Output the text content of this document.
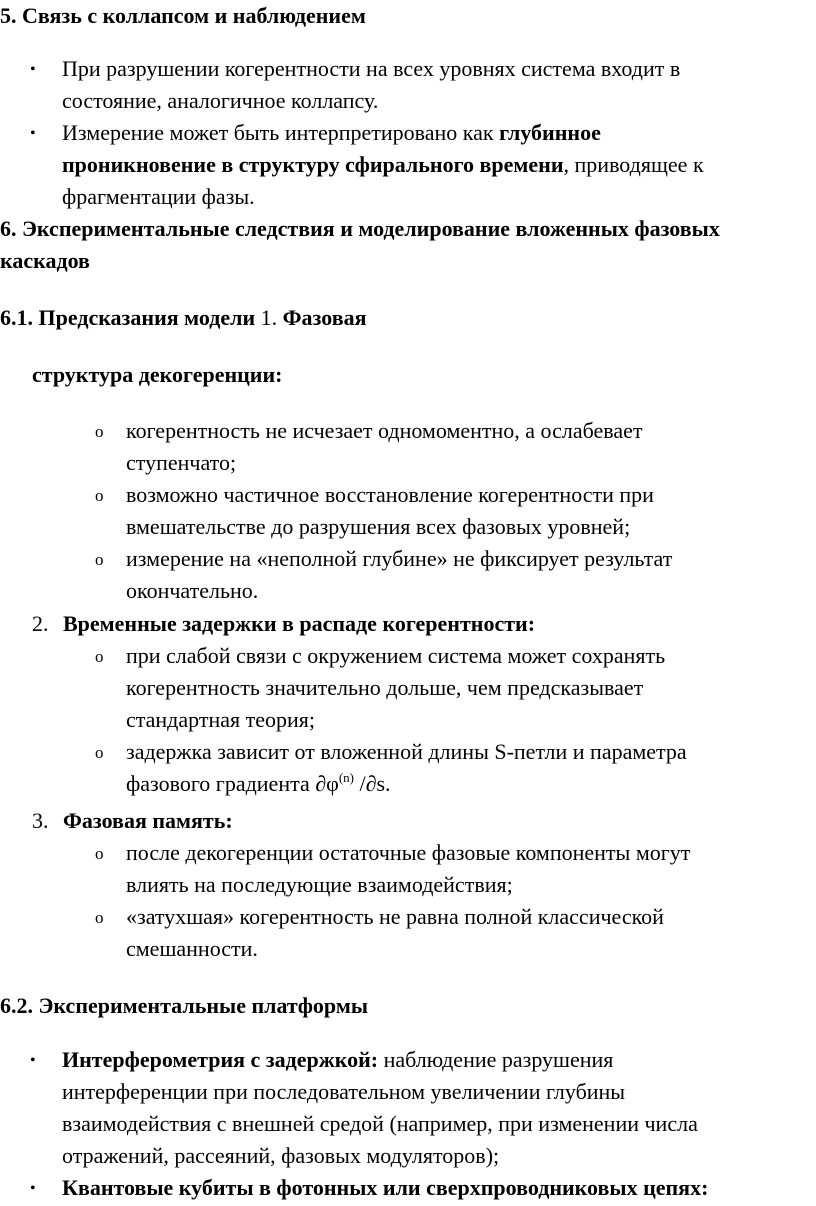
5. Связь с коллапсом и наблюдением
• При разрушении когерентности на всех уровнях система входит в
состояние, аналогичное коллапсу.
• Измерение может быть интерпретировано как глубинное
проникновение в структуру сфирального времени, приводящее к
фрагментации фазы.
6. Экспериментальные следствия и моделирование вложенных фазовых
каскадов
6.1. Предсказания модели 1. Фазовая
структура декогеренции:
o когерентность не исчезает одномоментно, а ослабевает
ступенчато;
o возможно частичное восстановление когерентности при
вмешательстве до разрушения всех фазовых уровней;
o измерение на «неполной глубине» не фиксирует результат
окончательно.
2. Временные задержки в распаде когерентности:
o при слабой связи с окружением система может сохранять
когерентность значительно дольше, чем предсказывает
стандартная теория;
o задержка зависит от вложенной длины S-петли и параметра
фазового градиента $\partial\varphi^{(n)}$ /∂s.
3. Фазовая память:
o после декогеренции остаточные фазовые компоненты могут
влиять на последующие взаимодействия;
o «затухшая» когерентность не равна полной классической
смешанности.
6.2. Экспериментальные платформы
• Интерферометрия с задержкой: наблюдение разрушения
интерференции при последовательном увеличении глубины
взаимодействия с внешней средой (например, при изменении числа
отражений, рассеяний, фазовых модуляторов);
• Квантовые кубиты в фотонных или сверхпроводниковых цепях:
